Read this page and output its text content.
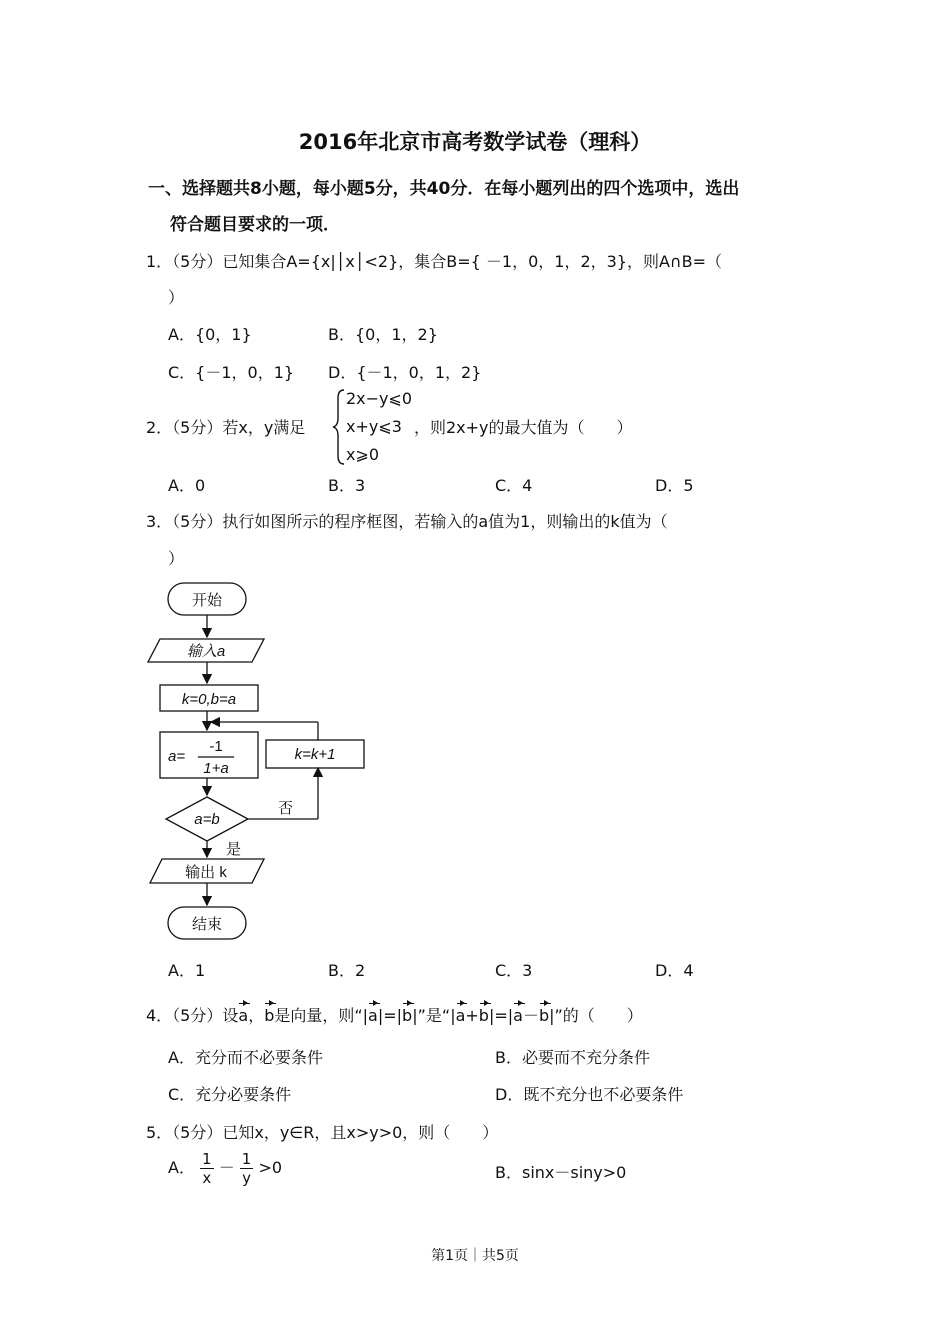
2016年北京市高考数学试卷（理科）
一、选择题共8小题，每小题5分，共40分．在每小题列出的四个选项中，选出
符合题目要求的一项．
1．（5分）已知集合A={x|│x│<2}，集合B={ －1，0，1，2，3}，则A∩B=（
）
A．{0，1}	B．{0，1，2}
C．{－1，0，1} D．{－1，0，1，2}
2．（5分）若x，y满足
2x−y⩽0
x+y⩽3
x⩾0
，则2x+y的最大值为（　　）
A．0	B．3	C．4	D．5
3．（5分）执行如图所示的程序框图，若输入的a值为1，则输出的k值为（
）
开始
输入a
k=0,b=a
a=
-1
1+a
k=k+1
a=b
否
是
输出 k
结束
A．1	B．2	C．3	D．4
4．（5分）设a，b是向量，则“|a|=|b|”是“|a+b|=|a－b|”的（　　）
A．充分而不必要条件	B．必要而不充分条件
C．充分必要条件	D．既不充分也不必要条件
5．（5分）已知x，y∈R，且x>y>0，则（　　）
A． $\frac{1}{x} - \frac{1}{y} >0$	B．sinx－siny>0
第1页｜共5页
